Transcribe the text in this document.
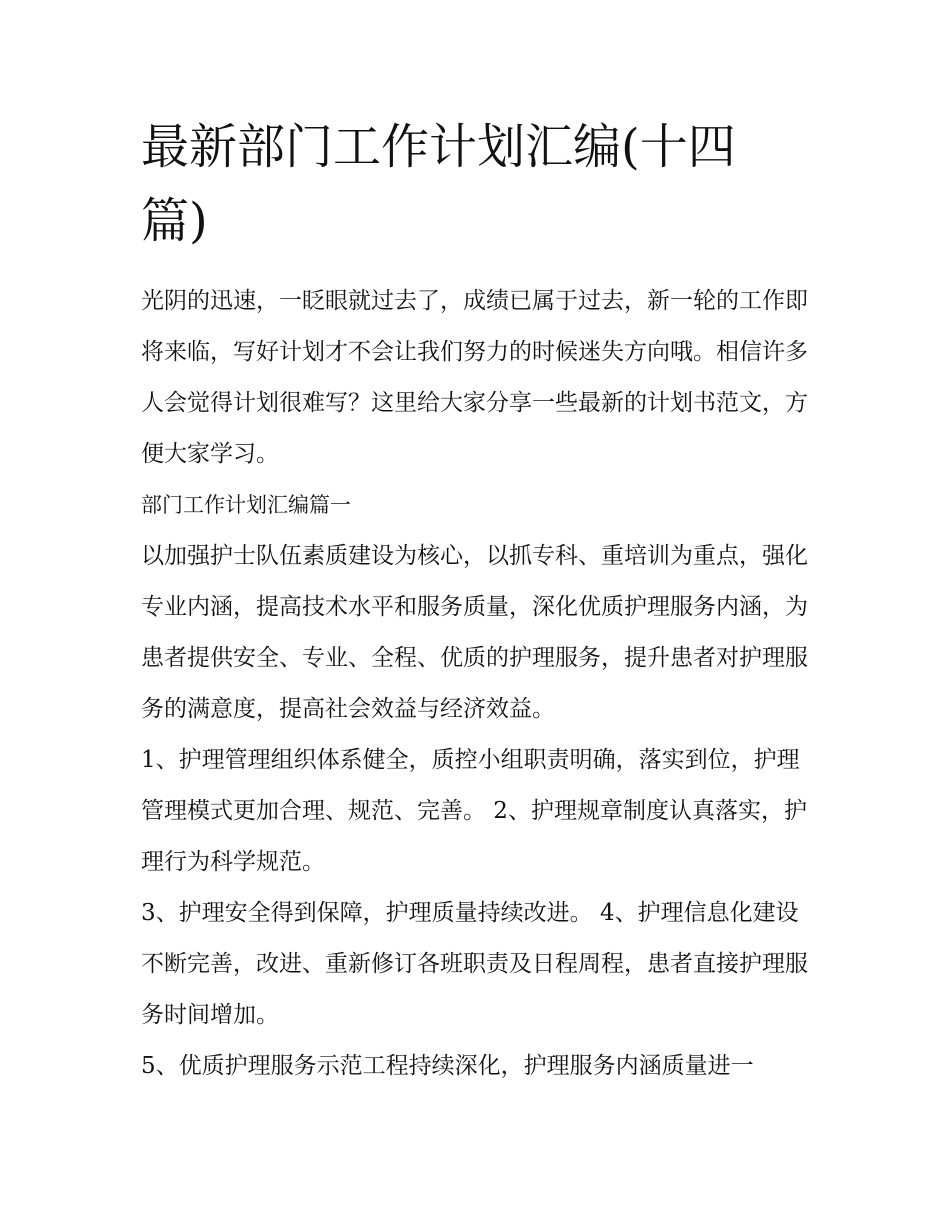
最新部门工作计划汇编(十四篇)

光阴的迅速，一眨眼就过去了，成绩已属于过去，新一轮的工作即将来临，写好计划才不会让我们努力的时候迷失方向哦。相信许多人会觉得计划很难写？这里给大家分享一些最新的计划书范文，方便大家学习。

部门工作计划汇编篇一

以加强护士队伍素质建设为核心，以抓专科、重培训为重点，强化专业内涵，提高技术水平和服务质量，深化优质护理服务内涵，为患者提供安全、专业、全程、优质的护理服务，提升患者对护理服务的满意度，提高社会效益与经济效益。

1、护理管理组织体系健全，质控小组职责明确，落实到位，护理管理模式更加合理、规范、完善。 2、护理规章制度认真落实，护理行为科学规范。

3、护理安全得到保障，护理质量持续改进。 4、护理信息化建设不断完善，改进、重新修订各班职责及日程周程，患者直接护理服务时间增加。

5、优质护理服务示范工程持续深化，护理服务内涵质量进一
